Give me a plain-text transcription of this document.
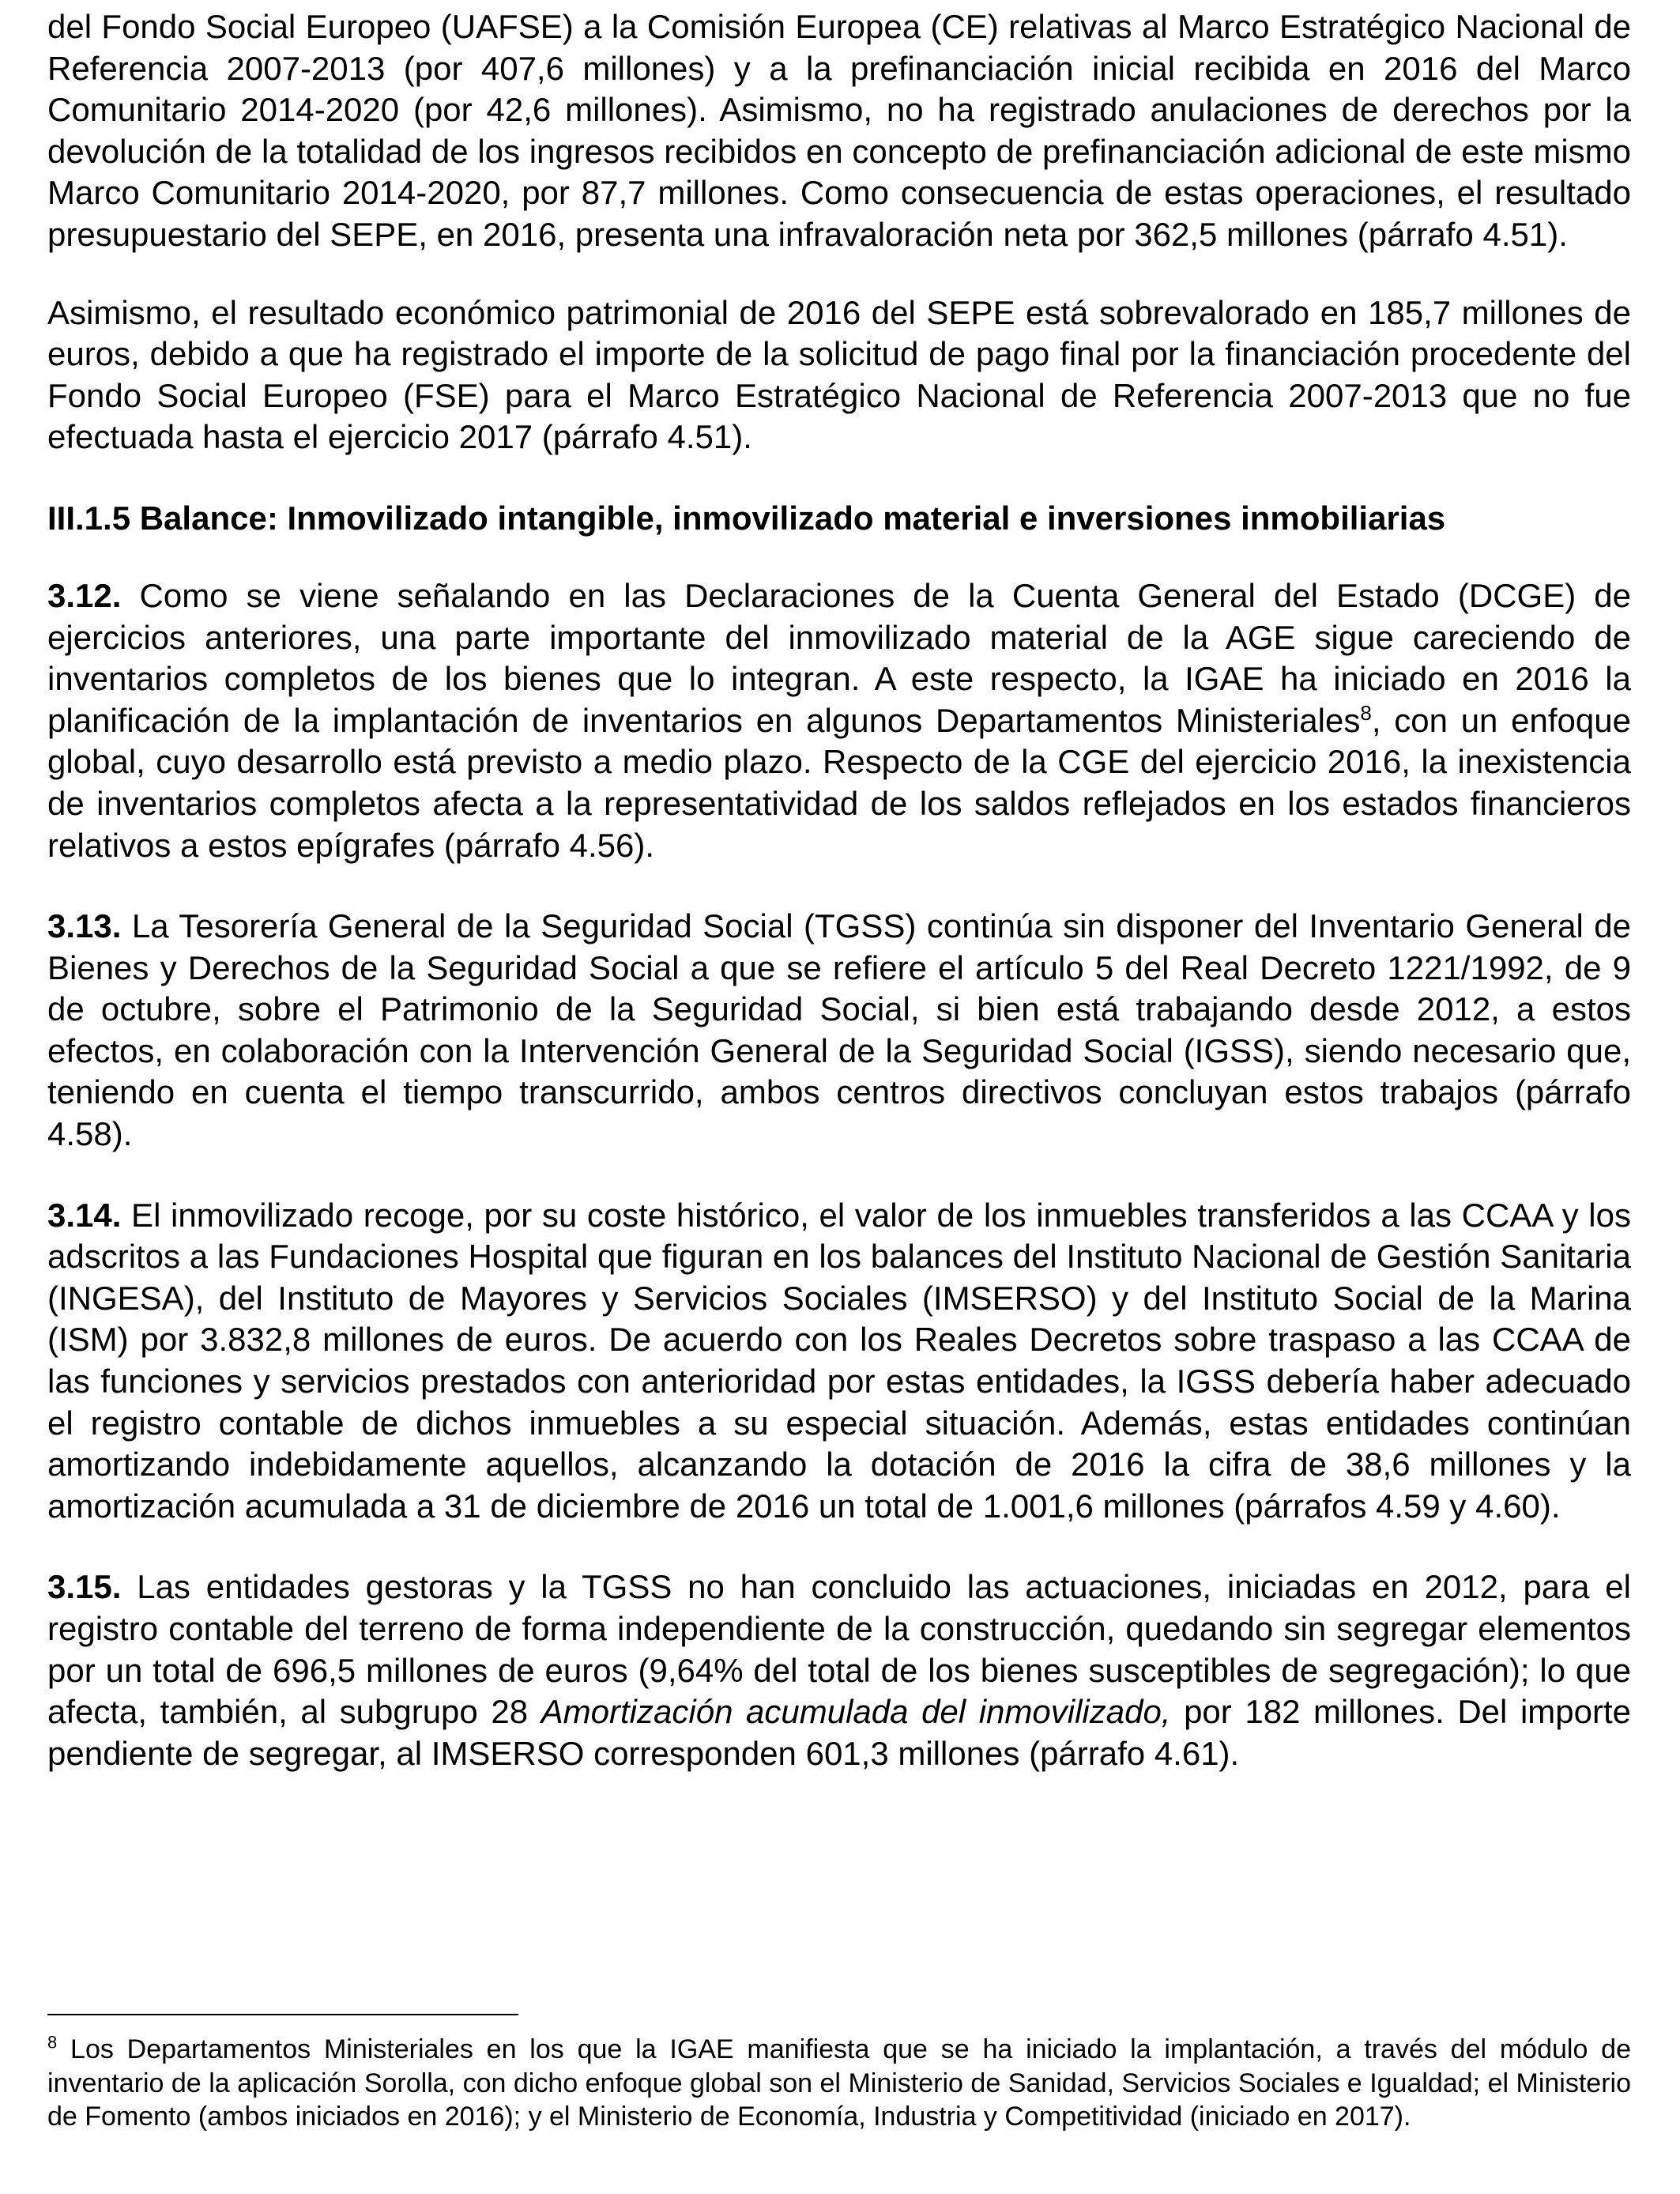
del Fondo Social Europeo (UAFSE) a la Comisión Europea (CE) relativas al Marco Estratégico Nacional de Referencia 2007-2013 (por 407,6 millones) y a la prefinanciación inicial recibida en 2016 del Marco Comunitario 2014-2020 (por 42,6 millones). Asimismo, no ha registrado anulaciones de derechos por la devolución de la totalidad de los ingresos recibidos en concepto de prefinanciación adicional de este mismo Marco Comunitario 2014-2020, por 87,7 millones. Como consecuencia de estas operaciones, el resultado presupuestario del SEPE, en 2016, presenta una infravaloración neta por 362,5 millones (párrafo 4.51).

Asimismo, el resultado económico patrimonial de 2016 del SEPE está sobrevalorado en 185,7 millones de euros, debido a que ha registrado el importe de la solicitud de pago final por la financiación procedente del Fondo Social Europeo (FSE) para el Marco Estratégico Nacional de Referencia 2007-2013 que no fue efectuada hasta el ejercicio 2017 (párrafo 4.51).

III.1.5 Balance: Inmovilizado intangible, inmovilizado material e inversiones inmobiliarias

3.12. Como se viene señalando en las Declaraciones de la Cuenta General del Estado (DCGE) de ejercicios anteriores, una parte importante del inmovilizado material de la AGE sigue careciendo de inventarios completos de los bienes que lo integran. A este respecto, la IGAE ha iniciado en 2016 la planificación de la implantación de inventarios en algunos Departamentos Ministeriales$^8$, con un enfoque global, cuyo desarrollo está previsto a medio plazo. Respecto de la CGE del ejercicio 2016, la inexistencia de inventarios completos afecta a la representatividad de los saldos reflejados en los estados financieros relativos a estos epígrafes (párrafo 4.56).

3.13. La Tesorería General de la Seguridad Social (TGSS) continúa sin disponer del Inventario General de Bienes y Derechos de la Seguridad Social a que se refiere el artículo 5 del Real Decreto 1221/1992, de 9 de octubre, sobre el Patrimonio de la Seguridad Social, si bien está trabajando desde 2012, a estos efectos, en colaboración con la Intervención General de la Seguridad Social (IGSS), siendo necesario que, teniendo en cuenta el tiempo transcurrido, ambos centros directivos concluyan estos trabajos (párrafo 4.58).

3.14. El inmovilizado recoge, por su coste histórico, el valor de los inmuebles transferidos a las CCAA y los adscritos a las Fundaciones Hospital que figuran en los balances del Instituto Nacional de Gestión Sanitaria (INGESA), del Instituto de Mayores y Servicios Sociales (IMSERSO) y del Instituto Social de la Marina (ISM) por 3.832,8 millones de euros. De acuerdo con los Reales Decretos sobre traspaso a las CCAA de las funciones y servicios prestados con anterioridad por estas entidades, la IGSS debería haber adecuado el registro contable de dichos inmuebles a su especial situación. Además, estas entidades continúan amortizando indebidamente aquellos, alcanzando la dotación de 2016 la cifra de 38,6 millones y la amortización acumulada a 31 de diciembre de 2016 un total de 1.001,6 millones (párrafos 4.59 y 4.60).

3.15. Las entidades gestoras y la TGSS no han concluido las actuaciones, iniciadas en 2012, para el registro contable del terreno de forma independiente de la construcción, quedando sin segregar elementos por un total de 696,5 millones de euros (9,64% del total de los bienes susceptibles de segregación); lo que afecta, también, al subgrupo 28 Amortización acumulada del inmovilizado, por 182 millones. Del importe pendiente de segregar, al IMSERSO corresponden 601,3 millones (párrafo 4.61).

$^8$ Los Departamentos Ministeriales en los que la IGAE manifiesta que se ha iniciado la implantación, a través del módulo de inventario de la aplicación Sorolla, con dicho enfoque global son el Ministerio de Sanidad, Servicios Sociales e Igualdad; el Ministerio de Fomento (ambos iniciados en 2016); y el Ministerio de Economía, Industria y Competitividad (iniciado en 2017).
